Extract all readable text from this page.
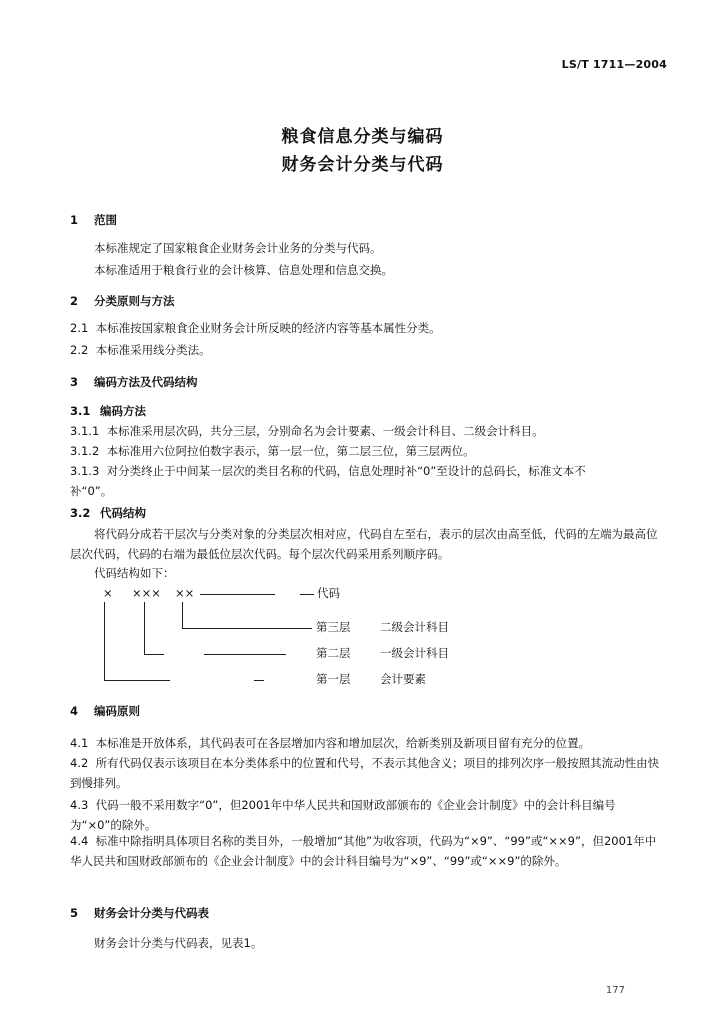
LS/T 1711—2004
粮食信息分类与编码
财务会计分类与代码
1 范围
本标准规定了国家粮食企业财务会计业务的分类与代码。
本标准适用于粮食行业的会计核算、信息处理和信息交换。
2 分类原则与方法
2.1 本标准按国家粮食企业财务会计所反映的经济内容等基本属性分类。
2.2 本标准采用线分类法。
3 编码方法及代码结构
3.1 编码方法
3.1.1 本标准采用层次码，共分三层，分别命名为会计要素、一级会计科目、二级会计科目。
3.1.2 本标准用六位阿拉伯数字表示，第一层一位，第二层三位，第三层两位。
3.1.3 对分类终止于中间某一层次的类目名称的代码，信息处理时补“0”至设计的总码长，标准文本不
补“0”。
3.2 代码结构
将代码分成若干层次与分类对象的分类层次相对应，代码自左至右，表示的层次由高至低，代码的左端为最高位层次代码，代码的右端为最低位层次代码。每个层次代码采用系列顺序码。
代码结构如下：
× ××× ××	代码
第三层	二级会计科目
第二层	一级会计科目
第一层	会计要素
4 编码原则
4.1 本标准是开放体系，其代码表可在各层增加内容和增加层次，给新类别及新项目留有充分的位置。
4.2 所有代码仅表示该项目在本分类体系中的位置和代号，不表示其他含义；项目的排列次序一般按照其流动性由快到慢排列。
4.3 代码一般不采用数字“0”，但2001年中华人民共和国财政部颁布的《企业会计制度》中的会计科目编号为“×0”的除外。
4.4 标准中除指明具体项目名称的类目外，一般增加“其他”为收容项，代码为“×9”、“99”或“××9”，但2001年中华人民共和国财政部颁布的《企业会计制度》中的会计科目编号为“×9”、“99”或“××9”的除外。
5 财务会计分类与代码表
财务会计分类与代码表，见表1。
177
